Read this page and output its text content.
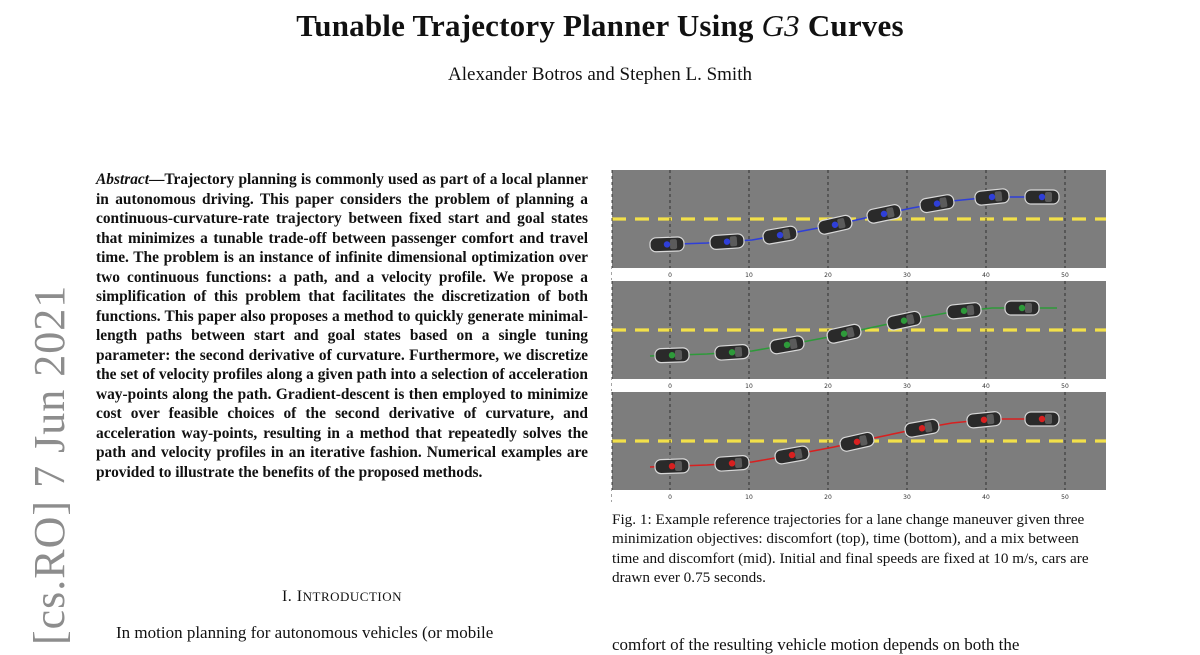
Tunable Trajectory Planner Using G3 Curves
Alexander Botros and Stephen L. Smith
[cs.RO] 7 Jun 2021
Abstract—Trajectory planning is commonly used as part of a local planner in autonomous driving. This paper considers the problem of planning a continuous-curvature-rate trajectory between fixed start and goal states that minimizes a tunable trade-off between passenger comfort and travel time. The problem is an instance of infinite dimensional optimization over two continuous functions: a path, and a velocity profile. We propose a simplification of this problem that facilitates the discretization of both functions. This paper also proposes a method to quickly generate minimal-length paths between start and goal states based on a single tuning parameter: the second derivative of curvature. Furthermore, we discretize the set of velocity profiles along a given path into a selection of acceleration way-points along the path. Gradient-descent is then employed to minimize cost over feasible choices of the second derivative of curvature, and acceleration way-points, resulting in a method that repeatedly solves the path and velocity profiles in an iterative fashion. Numerical examples are provided to illustrate the benefits of the proposed methods.
I. INTRODUCTION
In motion planning for autonomous vehicles (or mobile
0	10	20	30	40	50
0	10	20	30	40	50
0	10	20	30	40	50
Fig. 1: Example reference trajectories for a lane change maneuver given three minimization objectives: discomfort (top), time (bottom), and a mix between time and discomfort (mid). Initial and final speeds are fixed at 10 m/s, cars are drawn ever 0.75 seconds.
comfort of the resulting vehicle motion depends on both the
